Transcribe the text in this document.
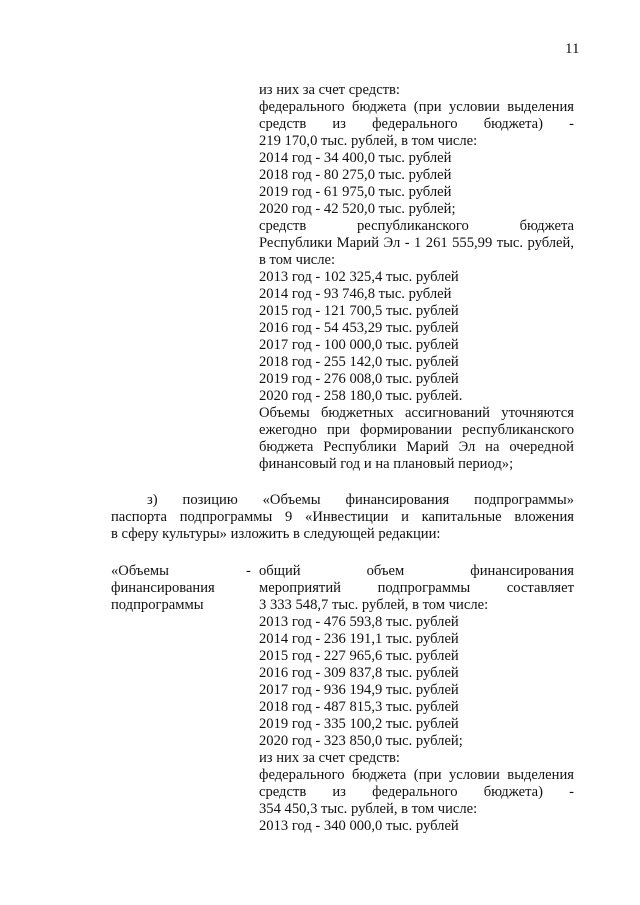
11
из них за счет средств:
федерального бюджета (при условии выделения
средств из федерального бюджета) -
219 170,0 тыс. рублей, в том числе:
2014 год - 34 400,0 тыс. рублей
2018 год - 80 275,0 тыс. рублей
2019 год - 61 975,0 тыс. рублей
2020 год - 42 520,0 тыс. рублей;
средств республиканского бюджета
Республики Марий Эл - 1 261 555,99 тыс. рублей,
в том числе:
2013 год - 102 325,4 тыс. рублей
2014 год - 93 746,8 тыс. рублей
2015 год - 121 700,5 тыс. рублей
2016 год - 54 453,29 тыс. рублей
2017 год - 100 000,0 тыс. рублей
2018 год - 255 142,0 тыс. рублей
2019 год - 276 008,0 тыс. рублей
2020 год - 258 180,0 тыс. рублей.
Объемы бюджетных ассигнований уточняются
ежегодно при формировании республиканского
бюджета Республики Марий Эл на очередной
финансовый год и на плановый период»;
з) позицию «Объемы финансирования подпрограммы»
паспорта подпрограммы 9 «Инвестиции и капитальные вложения
в сферу культуры» изложить в следующей редакции:
«Объемы
финансирования
подпрограммы
- общий объем финансирования
мероприятий подпрограммы составляет
3 333 548,7 тыс. рублей, в том числе:
2013 год - 476 593,8 тыс. рублей
2014 год - 236 191,1 тыс. рублей
2015 год - 227 965,6 тыс. рублей
2016 год - 309 837,8 тыс. рублей
2017 год - 936 194,9 тыс. рублей
2018 год - 487 815,3 тыс. рублей
2019 год - 335 100,2 тыс. рублей
2020 год - 323 850,0 тыс. рублей;
из них за счет средств:
федерального бюджета (при условии выделения
средств из федерального бюджета) -
354 450,3 тыс. рублей, в том числе:
2013 год - 340 000,0 тыс. рублей
